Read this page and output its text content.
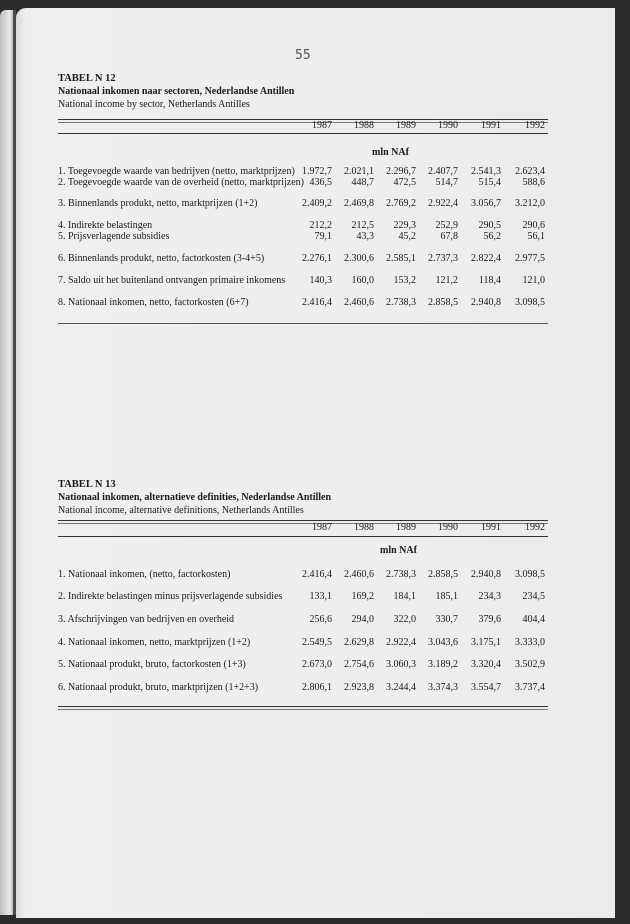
55
TABEL N 12
Nationaal inkomen naar sectoren, Nederlandse Antillen
National income by sector, Netherlands Antilles
1987	1988	1989	1990	1991	1992
mln NAf
1. Toegevoegde waarde van bedrijven (netto, marktprijzen) 1.972,7	2.021,1	2.296,7	2.407,7	2.541,3	2.623,4
2. Toegevoegde waarde van de overheid (netto, marktprijzen) 436,5	448,7	472,5	514,7	515,4	588,6
3. Binnenlands produkt, netto, marktprijzen (1+2)	2.409,2	2.469,8	2.769,2	2.922,4	3.056,7	3.212,0
4. Indirekte belastingen	212,2	212,5	229,3	252,9	290,5	290,6
5. Prijsverlagende subsidies	79,1	43,3	45,2	67,8	56,2	56,1
6. Binnenlands produkt, netto, factorkosten (3-4+5)	2.276,1	2.300,6	2.585,1	2.737,3	2.822,4	2.977,5
7. Saldo uit het buitenland ontvangen primaire inkomens	140,3	160,0	153,2	121,2	118,4	121,0
8. Nationaal inkomen, netto, factorkosten (6+7)	2.416,4	2.460,6	2.738,3	2.858,5	2.940,8	3.098,5
TABEL N 13
Nationaal inkomen, alternatieve definities, Nederlandse Antillen
National income, alternative definitions, Netherlands Antilles
1987	1988	1989	1990	1991	1992
mln NAf
1. Nationaal inkomen, (netto, factorkosten)	2.416,4	2.460,6	2.738,3	2.858,5	2.940,8	3.098,5
2. Indirekte belastingen minus prijsverlagende subsidies	133,1	169,2	184,1	185,1	234,3	234,5
3. Afschrijvingen van bedrijven en overheid	256,6	294,0	322,0	330,7	379,6	404,4
4. Nationaal inkomen, netto, marktprijzen (1+2)	2.549,5	2.629,8	2.922,4	3.043,6	3.175,1	3.333,0
5. Nationaal produkt, bruto, factorkosten (1+3)	2.673,0	2.754,6	3.060,3	3.189,2	3.320,4	3.502,9
6. Nationaal produkt, bruto, marktprijzen (1+2+3)	2.806,1	2.923,8	3.244,4	3.374,3	3.554,7	3.737,4
